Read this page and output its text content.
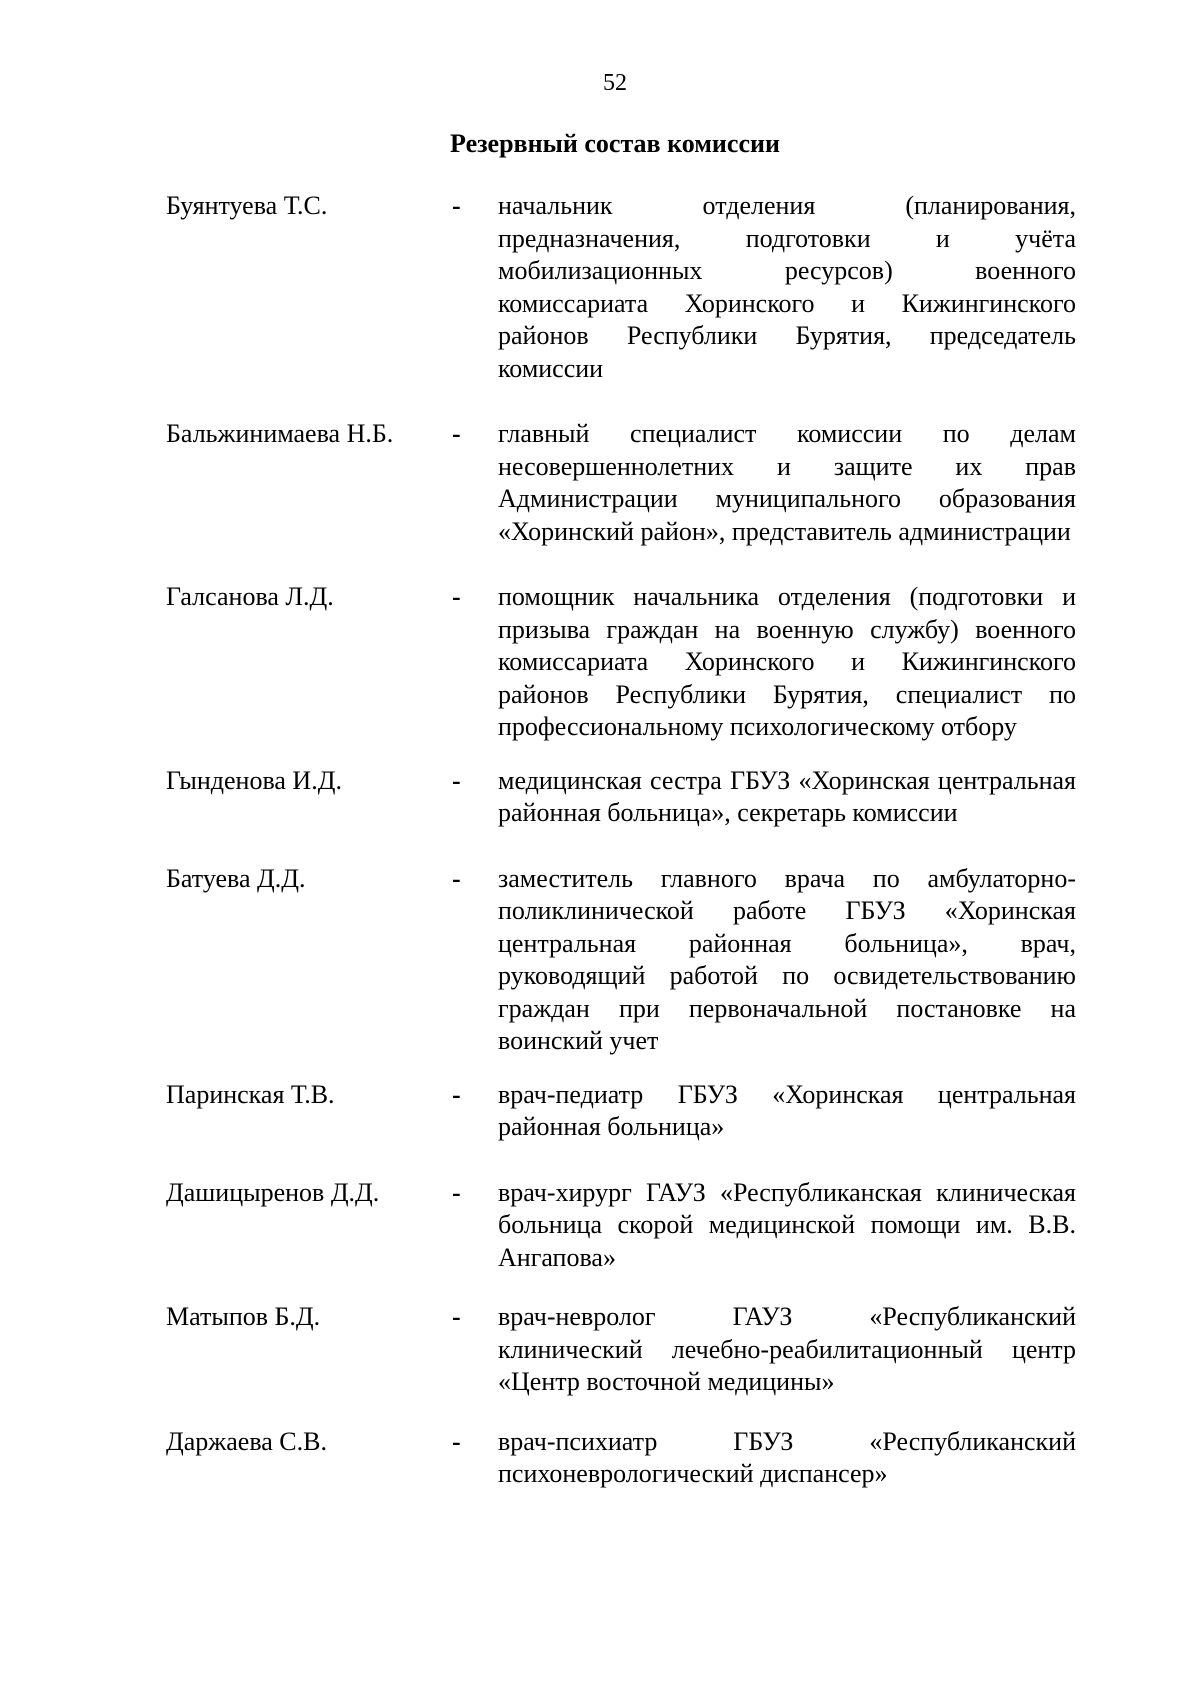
52
Резервный состав комиссии
Буянтуева Т.С.	-	начальник отделения (планирования, предназначения, подготовки и учёта мобилизационных ресурсов) военного комиссариата Хоринского и Кижингинского районов Республики Бурятия, председатель комиссии
Бальжинимаева Н.Б.	-	главный специалист комиссии по делам несовершеннолетних и защите их прав Администрации муниципального образования «Хоринский район», представитель администрации
Галсанова Л.Д.	-	помощник начальника отделения (подготовки и призыва граждан на военную службу) военного комиссариата Хоринского и Кижингинского районов Республики Бурятия, специалист по профессиональному психологическому отбору
Гынденова И.Д.	-	медицинская сестра ГБУЗ «Хоринская центральная районная больница», секретарь комиссии
Батуева Д.Д.	-	заместитель главного врача по амбулаторно-поликлинической работе ГБУЗ «Хоринская центральная районная больница», врач, руководящий работой по освидетельствованию граждан при первоначальной постановке на воинский учет
Паринская Т.В.	-	врач-педиатр ГБУЗ «Хоринская центральная районная больница»
Дашицыренов Д.Д.	-	врач-хирург ГАУЗ «Республиканская клиническая больница скорой медицинской помощи им. В.В. Ангапова»
Матыпов Б.Д.	-	врач-невролог ГАУЗ «Республиканский клинический лечебно-реабилитационный центр «Центр восточной медицины»
Даржаева С.В.	-	врач-психиатр ГБУЗ «Республиканский психоневрологический диспансер»
